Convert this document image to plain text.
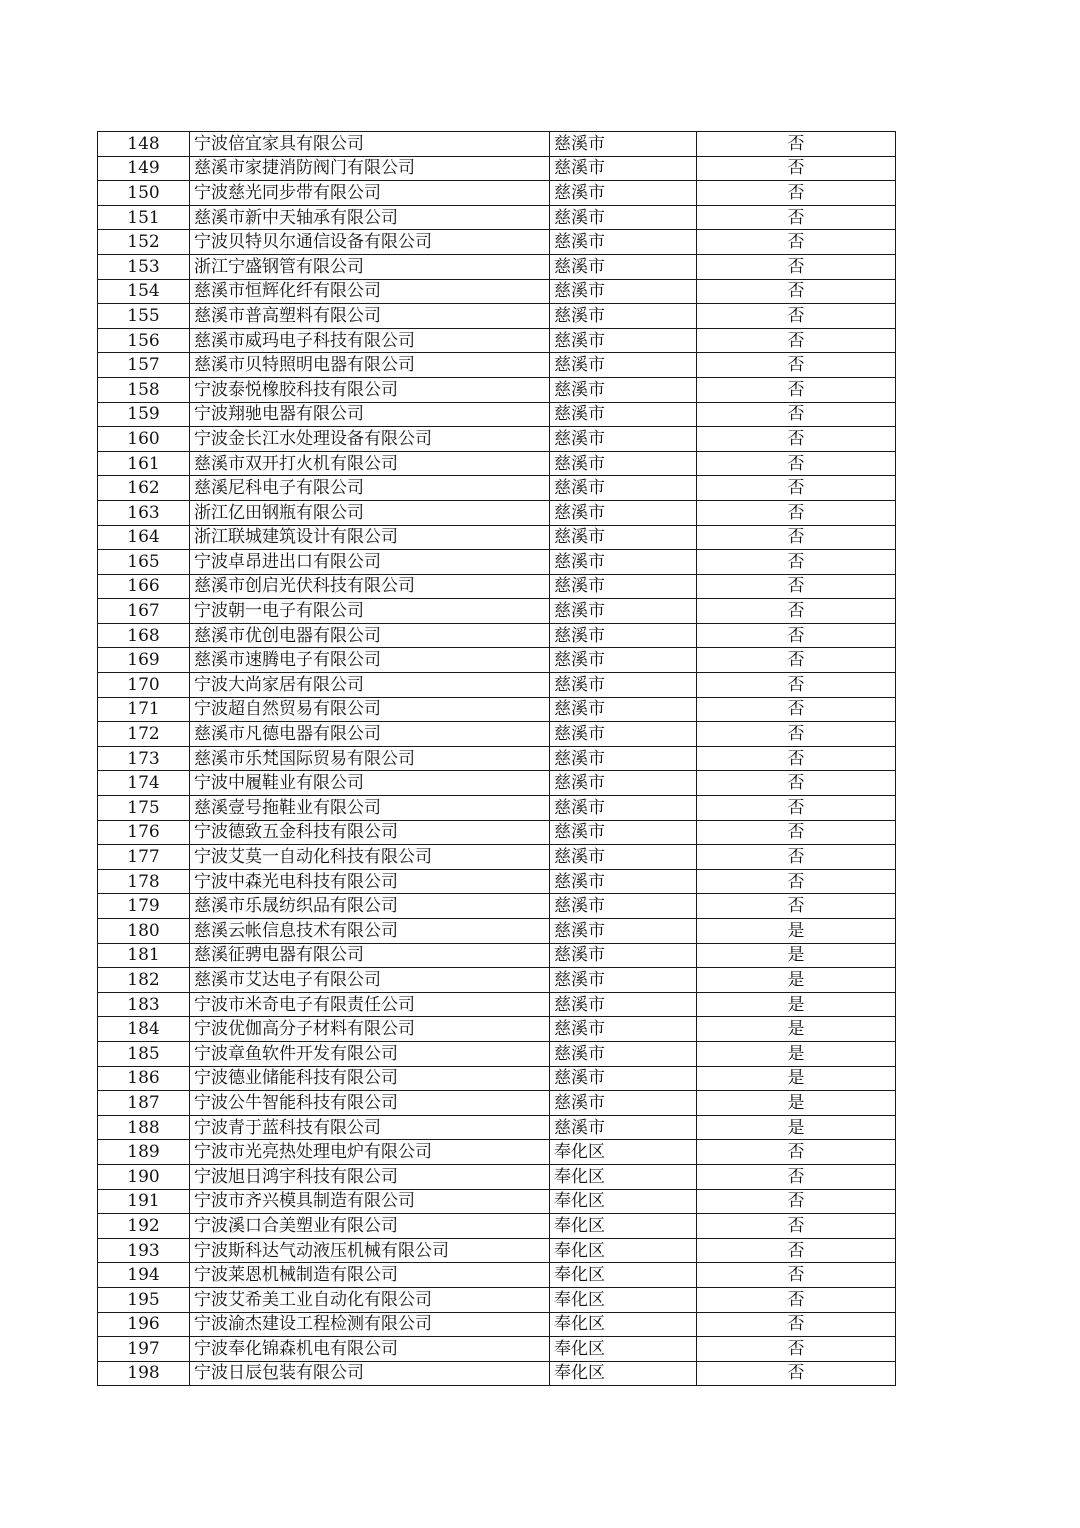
148	宁波倍宜家具有限公司	慈溪市	否
149	慈溪市家捷消防阀门有限公司	慈溪市	否
150	宁波慈光同步带有限公司	慈溪市	否
151	慈溪市新中天轴承有限公司	慈溪市	否
152	宁波贝特贝尔通信设备有限公司	慈溪市	否
153	浙江宁盛钢管有限公司	慈溪市	否
154	慈溪市恒辉化纤有限公司	慈溪市	否
155	慈溪市普高塑料有限公司	慈溪市	否
156	慈溪市威玛电子科技有限公司	慈溪市	否
157	慈溪市贝特照明电器有限公司	慈溪市	否
158	宁波泰悦橡胶科技有限公司	慈溪市	否
159	宁波翔驰电器有限公司	慈溪市	否
160	宁波金长江水处理设备有限公司	慈溪市	否
161	慈溪市双开打火机有限公司	慈溪市	否
162	慈溪尼科电子有限公司	慈溪市	否
163	浙江亿田钢瓶有限公司	慈溪市	否
164	浙江联城建筑设计有限公司	慈溪市	否
165	宁波卓昂进出口有限公司	慈溪市	否
166	慈溪市创启光伏科技有限公司	慈溪市	否
167	宁波朝一电子有限公司	慈溪市	否
168	慈溪市优创电器有限公司	慈溪市	否
169	慈溪市速腾电子有限公司	慈溪市	否
170	宁波大尚家居有限公司	慈溪市	否
171	宁波超自然贸易有限公司	慈溪市	否
172	慈溪市凡德电器有限公司	慈溪市	否
173	慈溪市乐梵国际贸易有限公司	慈溪市	否
174	宁波中履鞋业有限公司	慈溪市	否
175	慈溪壹号拖鞋业有限公司	慈溪市	否
176	宁波德致五金科技有限公司	慈溪市	否
177	宁波艾莫一自动化科技有限公司	慈溪市	否
178	宁波中森光电科技有限公司	慈溪市	否
179	慈溪市乐晟纺织品有限公司	慈溪市	否
180	慈溪云帐信息技术有限公司	慈溪市	是
181	慈溪征骋电器有限公司	慈溪市	是
182	慈溪市艾达电子有限公司	慈溪市	是
183	宁波市米奇电子有限责任公司	慈溪市	是
184	宁波优伽高分子材料有限公司	慈溪市	是
185	宁波章鱼软件开发有限公司	慈溪市	是
186	宁波德业储能科技有限公司	慈溪市	是
187	宁波公牛智能科技有限公司	慈溪市	是
188	宁波青于蓝科技有限公司	慈溪市	是
189	宁波市光亮热处理电炉有限公司	奉化区	否
190	宁波旭日鸿宇科技有限公司	奉化区	否
191	宁波市齐兴模具制造有限公司	奉化区	否
192	宁波溪口合美塑业有限公司	奉化区	否
193	宁波斯科达气动液压机械有限公司	奉化区	否
194	宁波莱恩机械制造有限公司	奉化区	否
195	宁波艾希美工业自动化有限公司	奉化区	否
196	宁波渝杰建设工程检测有限公司	奉化区	否
197	宁波奉化锦森机电有限公司	奉化区	否
198	宁波日辰包装有限公司	奉化区	否
